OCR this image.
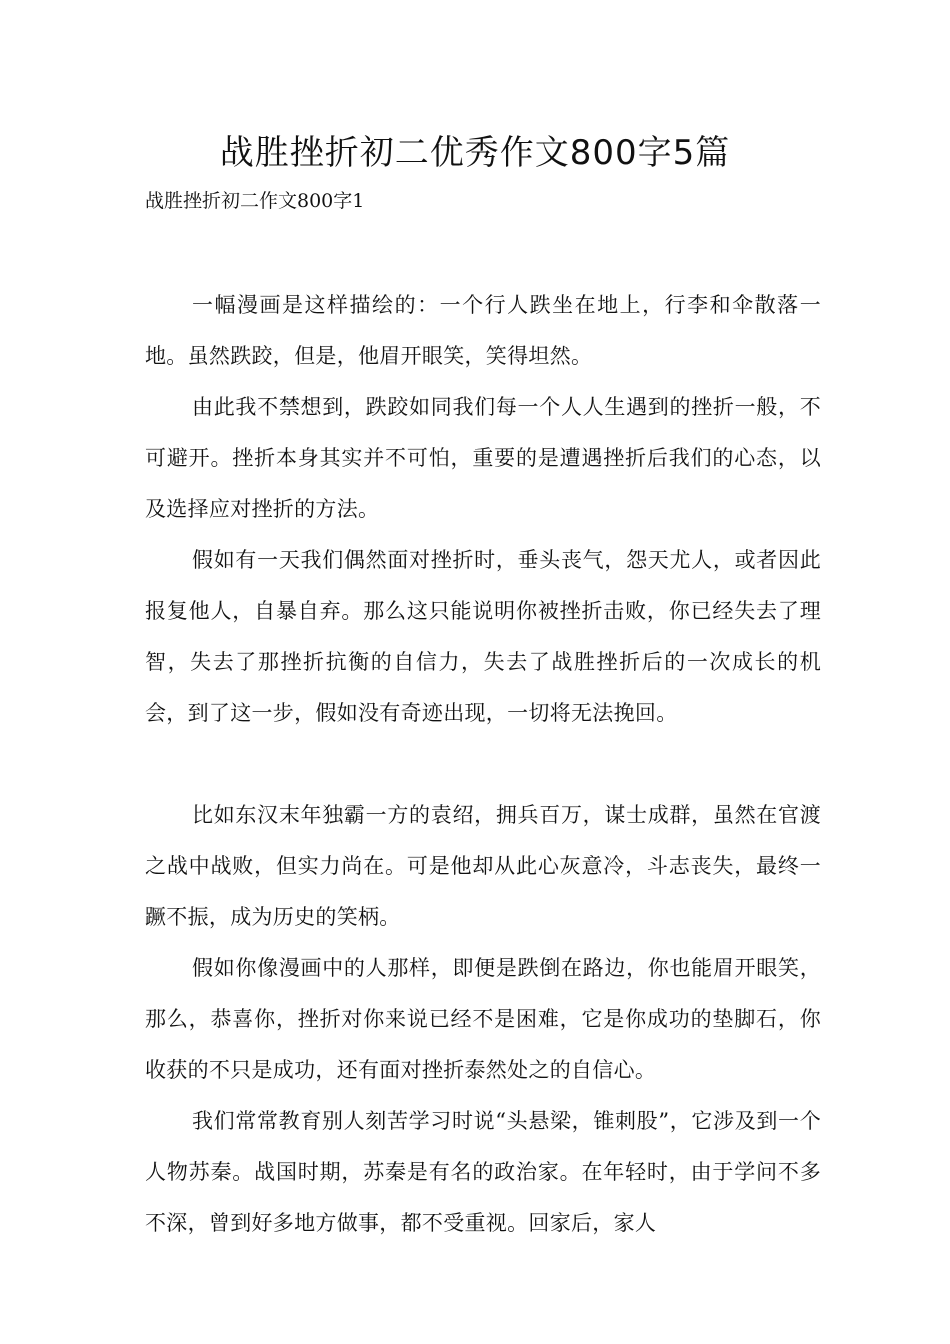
战胜挫折初二优秀作文800字5篇

战胜挫折初二作文800字1

一幅漫画是这样描绘的：一个行人跌坐在地上，行李和伞散落一地。虽然跌跤，但是，他眉开眼笑，笑得坦然。

由此我不禁想到，跌跤如同我们每一个人人生遇到的挫折一般，不可避开。挫折本身其实并不可怕，重要的是遭遇挫折后我们的心态，以及选择应对挫折的方法。

假如有一天我们偶然面对挫折时，垂头丧气，怨天尤人，或者因此报复他人，自暴自弃。那么这只能说明你被挫折击败，你已经失去了理智，失去了那挫折抗衡的自信力，失去了战胜挫折后的一次成长的机会，到了这一步，假如没有奇迹出现，一切将无法挽回。

比如东汉末年独霸一方的袁绍，拥兵百万，谋士成群，虽然在官渡之战中战败，但实力尚在。可是他却从此心灰意冷，斗志丧失，最终一蹶不振，成为历史的笑柄。

假如你像漫画中的人那样，即便是跌倒在路边，你也能眉开眼笑，那么，恭喜你，挫折对你来说已经不是困难，它是你成功的垫脚石，你收获的不只是成功，还有面对挫折泰然处之的自信心。

我们常常教育别人刻苦学习时说“头悬梁，锥刺股”，它涉及到一个人物苏秦。战国时期，苏秦是有名的政治家。在年轻时，由于学问不多不深，曾到好多地方做事，都不受重视。回家后，家人
